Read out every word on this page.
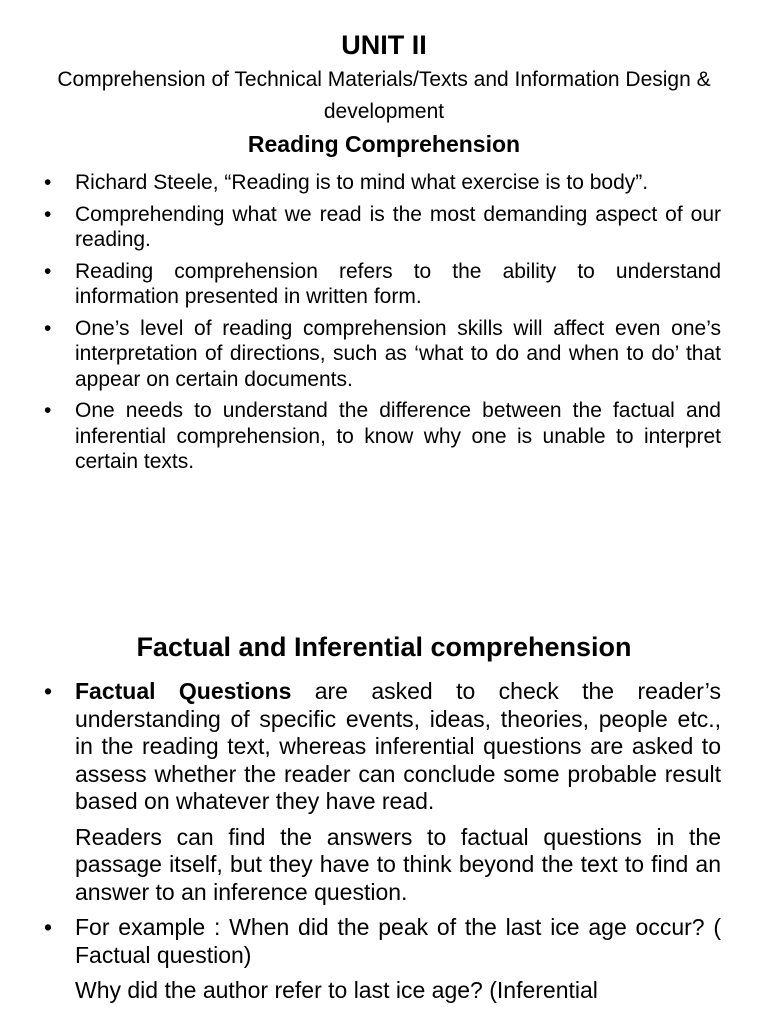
UNIT II
Comprehension of Technical Materials/Texts and Information Design & development
Reading Comprehension
• Richard Steele, “Reading is to mind what exercise is to body”.
• Comprehending what we read is the most demanding aspect of our reading.
• Reading comprehension refers to the ability to understand information presented in written form.
• One’s level of reading comprehension skills will affect even one’s interpretation of directions, such as ‘what to do and when to do’ that appear on certain documents.
• One needs to understand the difference between the factual and inferential comprehension, to know why one is unable to interpret certain texts.
Factual and Inferential comprehension
• Factual Questions are asked to check the reader’s understanding of specific events, ideas, theories, people etc., in the reading text, whereas inferential questions are asked to assess whether the reader can conclude some probable result based on whatever they have read.
Readers can find the answers to factual questions in the passage itself, but they have to think beyond the text to find an answer to an inference question.
• For example : When did the peak of the last ice age occur? ( Factual question)
Why did the author refer to last ice age? (Inferential
